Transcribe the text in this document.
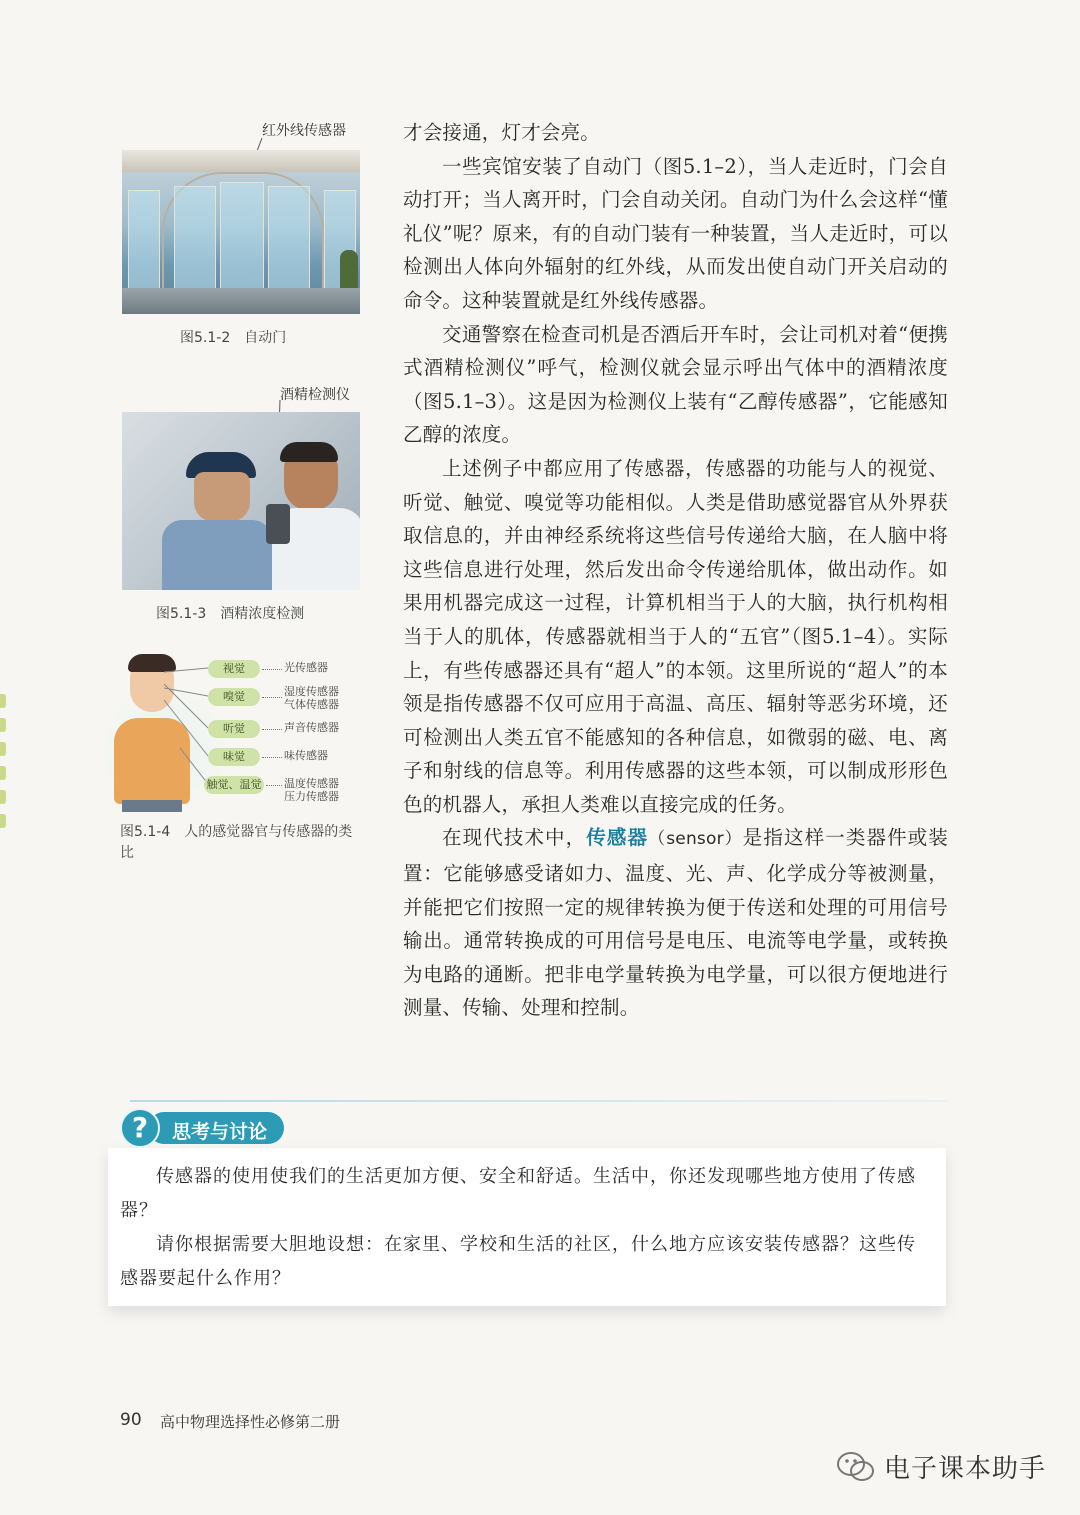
红外线传感器
图5.1-2　自动门
酒精检测仪
图5.1-3　酒精浓度检测
视觉	光传感器
嗅觉	湿度传感器
气体传感器
听觉	声音传感器
味觉	味传感器
触觉、温觉 温度传感器
压力传感器
图5.1-4　人的感觉器官与传感器的类比

才会接通，灯才会亮。

一些宾馆安装了自动门（图5.1–2），当人走近时，门会自动打开；当人离开时，门会自动关闭。自动门为什么会这样“懂礼仪”呢？原来，有的自动门装有一种装置，当人走近时，可以检测出人体向外辐射的红外线，从而发出使自动门开关启动的命令。这种装置就是红外线传感器。

交通警察在检查司机是否酒后开车时，会让司机对着“便携式酒精检测仪”呼气，检测仪就会显示呼出气体中的酒精浓度（图5.1–3）。这是因为检测仪上装有“乙醇传感器”，它能感知乙醇的浓度。

上述例子中都应用了传感器，传感器的功能与人的视觉、听觉、触觉、嗅觉等功能相似。人类是借助感觉器官从外界获取信息的，并由神经系统将这些信号传递给大脑，在人脑中将这些信息进行处理，然后发出命令传递给肌体，做出动作。如果用机器完成这一过程，计算机相当于人的大脑，执行机构相当于人的肌体，传感器就相当于人的“五官”（图5.1–4）。实际上，有些传感器还具有“超人”的本领。这里所说的“超人”的本领是指传感器不仅可应用于高温、高压、辐射等恶劣环境，还可检测出人类五官不能感知的各种信息，如微弱的磁、电、离子和射线的信息等。利用传感器的这些本领，可以制成形形色色的机器人，承担人类难以直接完成的任务。

在现代技术中，传感器（sensor）是指这样一类器件或装置：它能够感受诸如力、温度、光、声、化学成分等被测量，并能把它们按照一定的规律转换为便于传送和处理的可用信号输出。通常转换成的可用信号是电压、电流等电学量，或转换为电路的通断。把非电学量转换为电学量，可以很方便地进行测量、传输、处理和控制。

?	思考与讨论

传感器的使用使我们的生活更加方便、安全和舒适。生活中，你还发现哪些地方使用了传感器？

请你根据需要大胆地设想：在家里、学校和生活的社区，什么地方应该安装传感器？这些传感器要起什么作用？

90 高中物理选择性必修第二册
电子课本助手
